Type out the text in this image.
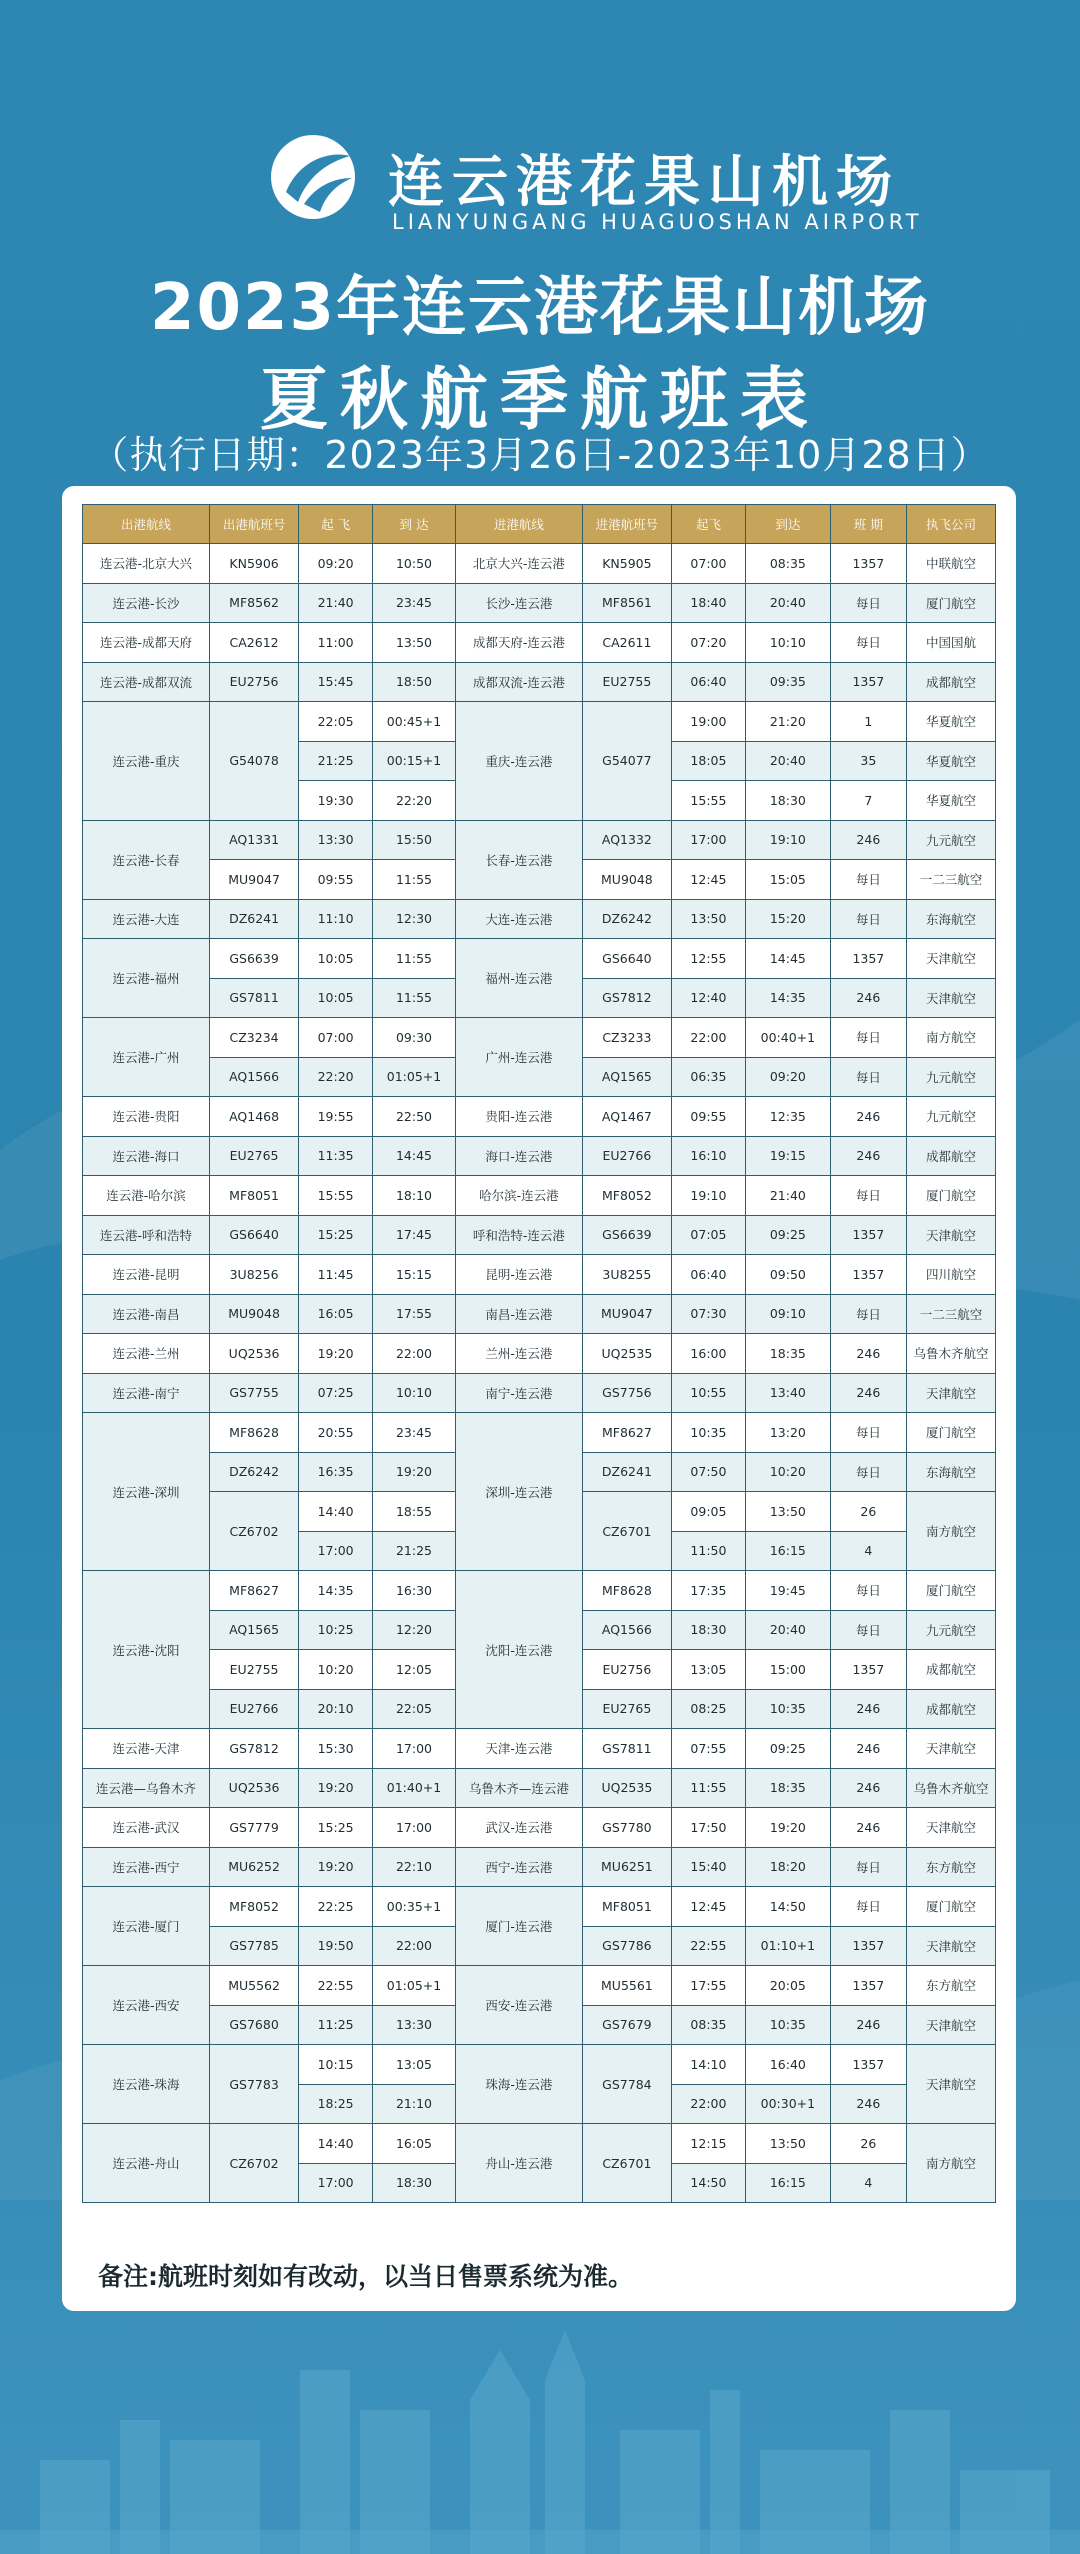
连云港花果山机场
LIANYUNGANG HUAGUOSHAN AIRPORT
2023年连云港花果山机场
夏秋航季航班表
（执行日期：2023年3月26日-2023年10月28日）
出港航线	出港航班号	起 飞	到 达	进港航线	进港航班号	起飞	到达	班 期	执飞公司
连云港-北京大兴	KN5906	09:20	10:50	北京大兴-连云港	KN5905	07:00	08:35	1357	中联航空
连云港-长沙	MF8562	21:40	23:45	长沙-连云港	MF8561	18:40	20:40	每日	厦门航空
连云港-成都天府	CA2612	11:00	13:50	成都天府-连云港	CA2611	07:20	10:10	每日	中国国航
连云港-成都双流	EU2756	15:45	18:50	成都双流-连云港	EU2755	06:40	09:35	1357	成都航空
连云港-重庆	G54078	22:05	00:45+1	重庆-连云港	G54077	19:00	21:20	1	华夏航空
		21:25	00:15+1			18:05	20:40	35	华夏航空
		19:30	22:20			15:55	18:30	7	华夏航空
连云港-长春	AQ1331	13:30	15:50	长春-连云港	AQ1332	17:00	19:10	246	九元航空
	MU9047	09:55	11:55		MU9048	12:45	15:05	每日	一二三航空
连云港-大连	DZ6241	11:10	12:30	大连-连云港	DZ6242	13:50	15:20	每日	东海航空
连云港-福州	GS6639	10:05	11:55	福州-连云港	GS6640	12:55	14:45	1357	天津航空
	GS7811	10:05	11:55		GS7812	12:40	14:35	246	天津航空
连云港-广州	CZ3234	07:00	09:30	广州-连云港	CZ3233	22:00	00:40+1	每日	南方航空
	AQ1566	22:20	01:05+1		AQ1565	06:35	09:20	每日	九元航空
连云港-贵阳	AQ1468	19:55	22:50	贵阳-连云港	AQ1467	09:55	12:35	246	九元航空
连云港-海口	EU2765	11:35	14:45	海口-连云港	EU2766	16:10	19:15	246	成都航空
连云港-哈尔滨	MF8051	15:55	18:10	哈尔滨-连云港	MF8052	19:10	21:40	每日	厦门航空
连云港-呼和浩特	GS6640	15:25	17:45	呼和浩特-连云港	GS6639	07:05	09:25	1357	天津航空
连云港-昆明	3U8256	11:45	15:15	昆明-连云港	3U8255	06:40	09:50	1357	四川航空
连云港-南昌	MU9048	16:05	17:55	南昌-连云港	MU9047	07:30	09:10	每日	一二三航空
连云港-兰州	UQ2536	19:20	22:00	兰州-连云港	UQ2535	16:00	18:35	246	乌鲁木齐航空
连云港-南宁	GS7755	07:25	10:10	南宁-连云港	GS7756	10:55	13:40	246	天津航空
连云港-深圳	MF8628	20:55	23:45	深圳-连云港	MF8627	10:35	13:20	每日	厦门航空
	DZ6242	16:35	19:20		DZ6241	07:50	10:20	每日	东海航空
	CZ6702	14:40	18:55		CZ6701	09:05	13:50	26	南方航空
		17:00	21:25			11:50	16:15	4	
连云港-沈阳	MF8627	14:35	16:30	沈阳-连云港	MF8628	17:35	19:45	每日	厦门航空
	AQ1565	10:25	12:20		AQ1566	18:30	20:40	每日	九元航空
	EU2755	10:20	12:05		EU2756	13:05	15:00	1357	成都航空
	EU2766	20:10	22:05		EU2765	08:25	10:35	246	成都航空
连云港-天津	GS7812	15:30	17:00	天津-连云港	GS7811	07:55	09:25	246	天津航空
连云港—乌鲁木齐	UQ2536	19:20	01:40+1	乌鲁木齐—连云港	UQ2535	11:55	18:35	246	乌鲁木齐航空
连云港-武汉	GS7779	15:25	17:00	武汉-连云港	GS7780	17:50	19:20	246	天津航空
连云港-西宁	MU6252	19:20	22:10	西宁-连云港	MU6251	15:40	18:20	每日	东方航空
连云港-厦门	MF8052	22:25	00:35+1	厦门-连云港	MF8051	12:45	14:50	每日	厦门航空
	GS7785	19:50	22:00		GS7786	22:55	01:10+1	1357	天津航空
连云港-西安	MU5562	22:55	01:05+1	西安-连云港	MU5561	17:55	20:05	1357	东方航空
	GS7680	11:25	13:30		GS7679	08:35	10:35	246	天津航空
连云港-珠海	GS7783	10:15	13:05	珠海-连云港	GS7784	14:10	16:40	1357	天津航空
		18:25	21:10			22:00	00:30+1	246	
连云港-舟山	CZ6702	14:40	16:05	舟山-连云港	CZ6701	12:15	13:50	26	南方航空
		17:00	18:30			14:50	16:15	4	
备注:航班时刻如有改动，以当日售票系统为准。
